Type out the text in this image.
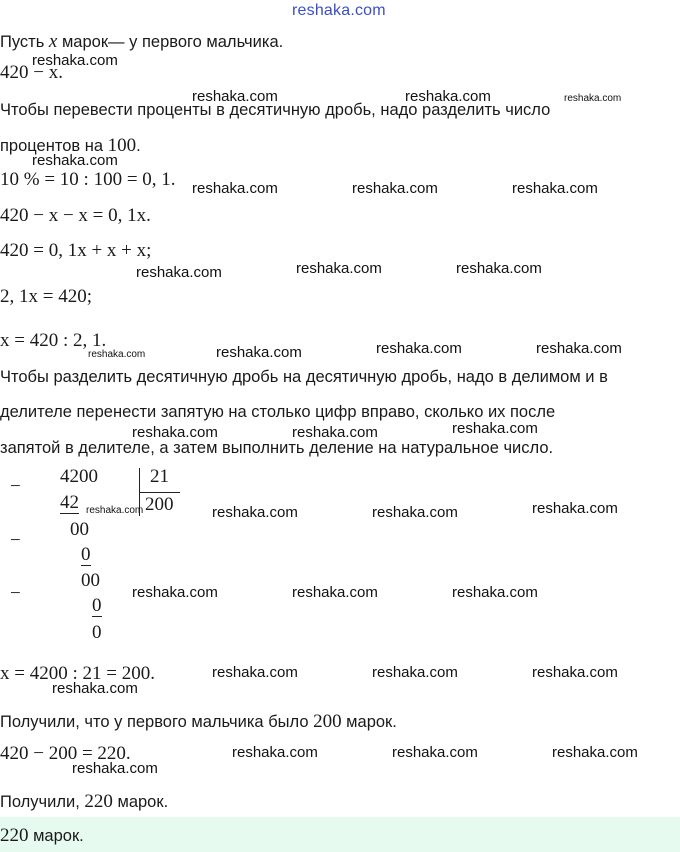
reshaka.com
Пусть x марок— у первого мальчика.
420 − x.
Чтобы перевести проценты в десятичную дробь, надо разделить число
процентов на 100.
10 % = 10 : 100 = 0, 1.
420 − x − x = 0, 1x.
420 = 0, 1x + x + x;
2, 1x = 420;
x = 420 : 2, 1.
Чтобы разделить десятичную дробь на десятичную дробь, надо в делимом и в
делителе перенести запятую на столько цифр вправо, сколько их после
запятой в делителе, а затем выполнить деление на натуральное число.
−
−
−
4200
42
00
0
00
0
0
21
200
x = 4200 : 21 = 200.
Получили, что у первого мальчика было 200 марок.
420 − 200 = 220.
Получили, 220 марок.
220 марок.
reshaka.com
reshaka.com	reshaka.com	reshaka.com
reshaka.com
reshaka.com	reshaka.com	reshaka.com
reshaka.com	reshaka.com	reshaka.com
reshaka.com	reshaka.com	reshaka.com	reshaka.com
reshaka.com	reshaka.com	reshaka.com
reshaka.com	reshaka.com	reshaka.com	reshaka.com
reshaka.com	reshaka.com	reshaka.com
reshaka.com	reshaka.com	reshaka.com
reshaka.com
reshaka.com	reshaka.com	reshaka.com
reshaka.com
